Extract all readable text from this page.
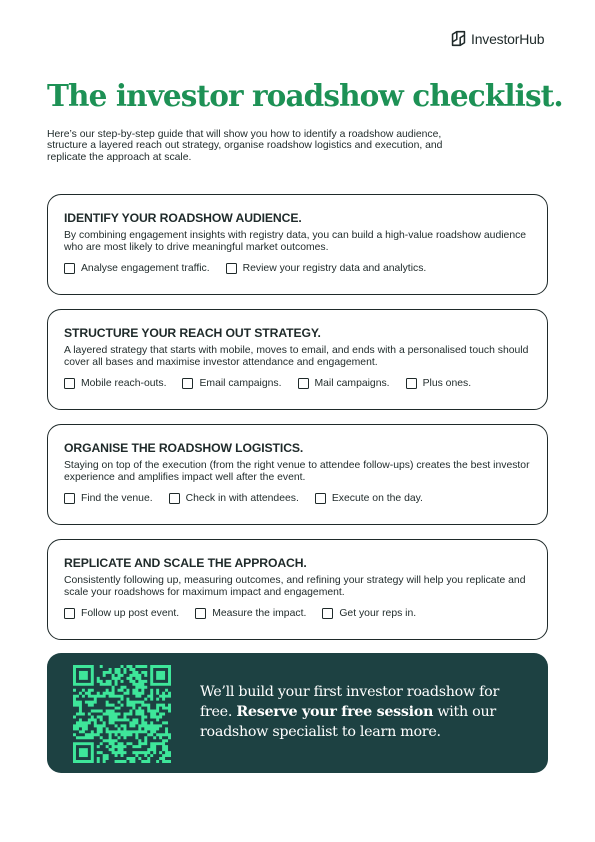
InvestorHub
The investor roadshow checklist.

Here’s our step-by-step guide that will show you how to identify a roadshow audience, structure a layered reach out strategy, organise roadshow logistics and execution, and replicate the approach at scale.

IDENTIFY YOUR ROADSHOW AUDIENCE.

By combining engagement insights with registry data, you can build a high-value roadshow audience who are most likely to drive meaningful market outcomes.

Analyse engagement traffic.	Review your registry data and analytics.
STRUCTURE YOUR REACH OUT STRATEGY.

A layered strategy that starts with mobile, moves to email, and ends with a personalised touch should cover all bases and maximise investor attendance and engagement.

Mobile reach-outs.	Email campaigns.	Mail campaigns.	Plus ones.
ORGANISE THE ROADSHOW LOGISTICS.

Staying on top of the execution (from the right venue to attendee follow-ups) creates the best investor experience and amplifies impact well after the event.

Find the venue.	Check in with attendees.	Execute on the day.
REPLICATE AND SCALE THE APPROACH.

Consistently following up, measuring outcomes, and refining your strategy will help you replicate and scale your roadshows for maximum impact and engagement.

Follow up post event.	Measure the impact.	Get your reps in.

We’ll build your first investor roadshow for free. Reserve your free session with our roadshow specialist to learn more.
